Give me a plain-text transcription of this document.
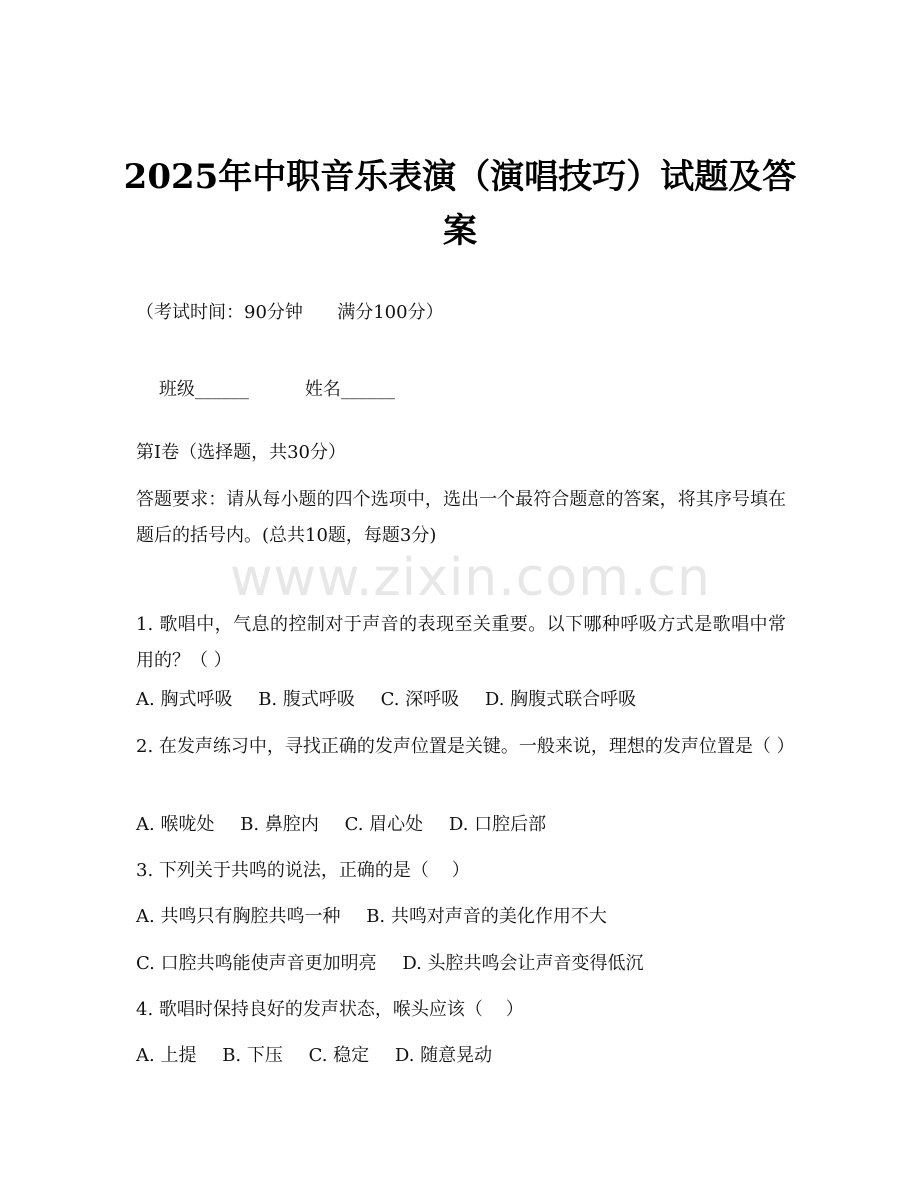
www.zixin.com.cn
2025年中职音乐表演（演唱技巧）试题及答案
（考试时间：90分钟      满分100分）

班级______	姓名______

第I卷（选择题，共30分）
答题要求：请从每小题的四个选项中，选出一个最符合题意的答案，将其序号填在题后的括号内。(总共10题，每题3分)
1. 歌唱中，气息的控制对于声音的表现至关重要。以下哪种呼吸方式是歌唱中常用的？（ ）
A. 胸式呼吸 B. 腹式呼吸 C. 深呼吸 D. 胸腹式联合呼吸
2. 在发声练习中，寻找正确的发声位置是关键。一般来说，理想的发声位置是（ ）
A. 喉咙处 B. 鼻腔内 C. 眉心处 D. 口腔后部
3. 下列关于共鸣的说法，正确的是（    ）
A. 共鸣只有胸腔共鸣一种 B. 共鸣对声音的美化作用不大
C. 口腔共鸣能使声音更加明亮 D. 头腔共鸣会让声音变得低沉
4. 歌唱时保持良好的发声状态，喉头应该（    ）
A. 上提 B. 下压 C. 稳定 D. 随意晃动
